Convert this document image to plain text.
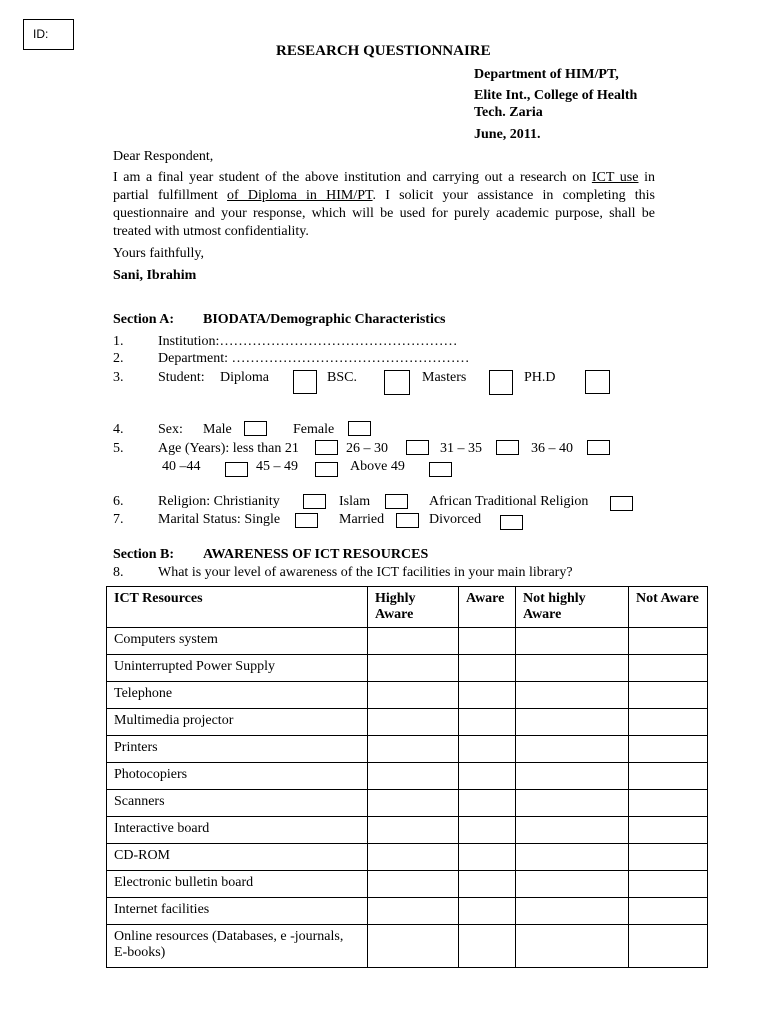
ID:
RESEARCH QUESTIONNAIRE
Department of HIM/PT,
Elite Int., College of Health
Tech. Zaria
June, 2011.
Dear Respondent,
I am a final year student of the above institution and carrying out a research on ICT use in partial fulfillment of Diploma in HIM/PT. I solicit your assistance in completing this questionnaire and your response, which will be used for purely academic purpose, shall be treated with utmost confidentiality.
Yours faithfully,
Sani, Ibrahim
Section A: BIODATA/Demographic Characteristics
1. Institution:……………………………………………
2. Department: ……………………………………………
3. Student: Diploma	BSC.	Masters	PH.D
4. Sex: Male	Female
5. Age (Years): less than 21	26 – 30	31 – 35	36 – 40
40 –44	45 – 49	Above 49
6. Religion: Christianity	Islam	African Traditional Religion
7. Marital Status: Single	Married	Divorced
Section B: AWARENESS OF ICT RESOURCES
8. What is your level of awareness of the ICT facilities in your main library?
ICT Resources	Highly Aware	Aware	Not highly Aware	Not Aware
Computers system				
Uninterrupted Power Supply				
Telephone				
Multimedia projector				
Printers				
Photocopiers				
Scanners				
Interactive board				
CD-ROM				
Electronic bulletin board				
Internet facilities				
Online resources (Databases, e -journals, E-books)				
